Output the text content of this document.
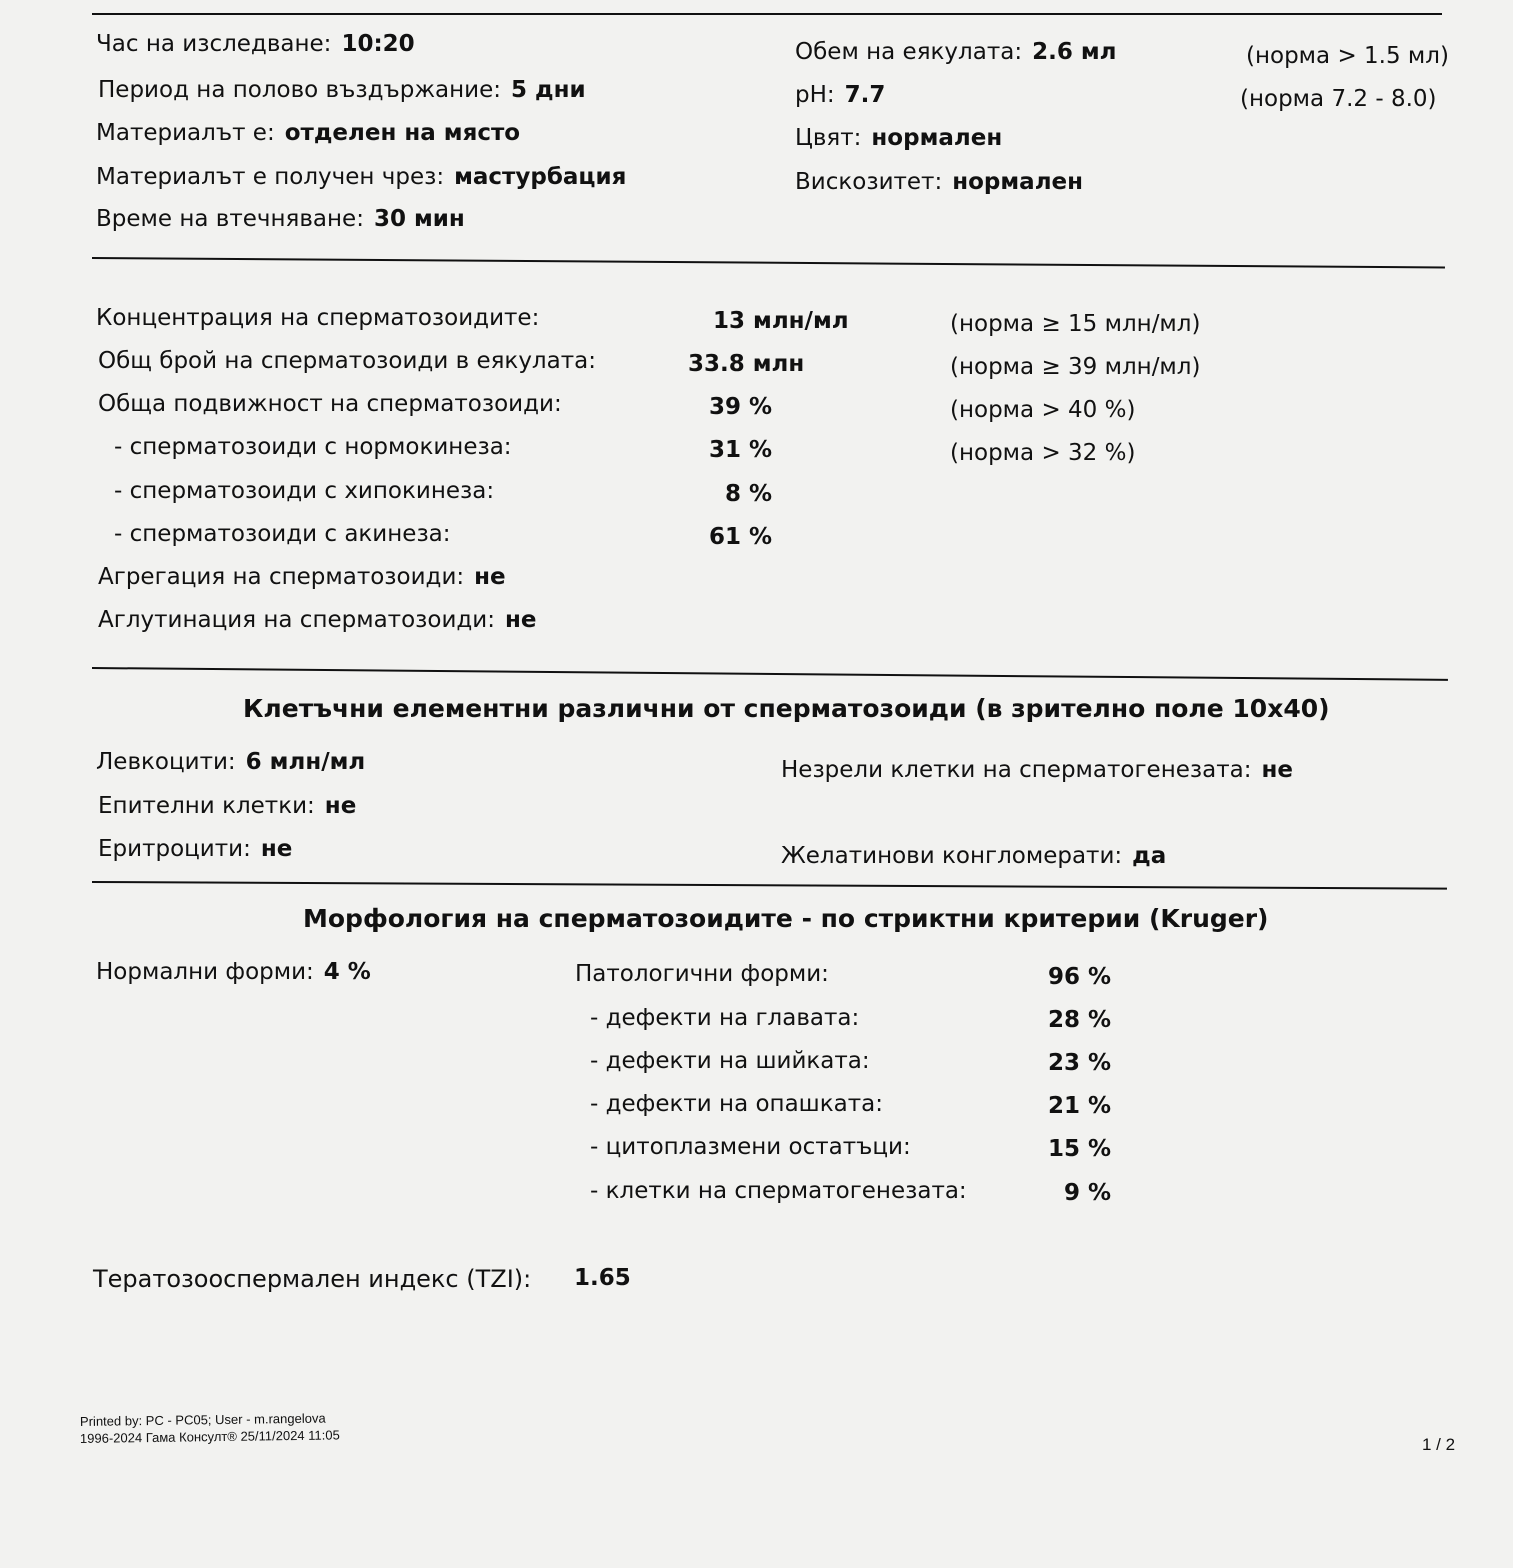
Час на изследване: 10:20
Период на полово въздържание: 5 дни
Материалът е: отделен на място
Материалът е получен чрез: мастурбация
Време на втечняване: 30 мин
Обем на еякулата: 2.6 мл	(норма > 1.5 мл)
pH: 7.7	(норма 7.2 - 8.0)
Цвят: нормален
Вискозитет: нормален
Концентрация на сперматозоидите:	13 млн/мл	(норма ≥ 15 млн/мл)
Общ брой на сперматозоиди в еякулата:	33.8 млн	(норма ≥ 39 млн/мл)
Обща подвижност на сперматозоиди:	39 %	(норма > 40 %)
- сперматозоиди с нормокинеза:	31 %	(норма > 32 %)
- сперматозоиди с хипокинеза:	8 %
- сперматозоиди с акинеза:	61 %
Агрегация на сперматозоиди: не
Аглутинация на сперматозоиди: не
Клетъчни елементни различни от сперматозоиди (в зрително поле 10х40)
Левкоцити: 6 млн/мл
Епителни клетки: не
Еритроцити: не
Незрели клетки на сперматогенезата: не
Желатинови конгломерати: да
Морфология на сперматозоидите - по стриктни критерии (Kruger)
Нормални форми: 4 %	Патологични форми:	96 %
- дефекти на главата:	28 %
- дефекти на шийката:	23 %
- дефекти на опашката:	21 %
- цитоплазмени остатъци:	15 %
- клетки на сперматогенезата:	9 %
Тератозооспермален индекс (TZI): 1.65
Printed by: PC - PC05; User - m.rangelova
1996-2024 Гама Консулт® 25/11/2024 11:05	1 / 2
